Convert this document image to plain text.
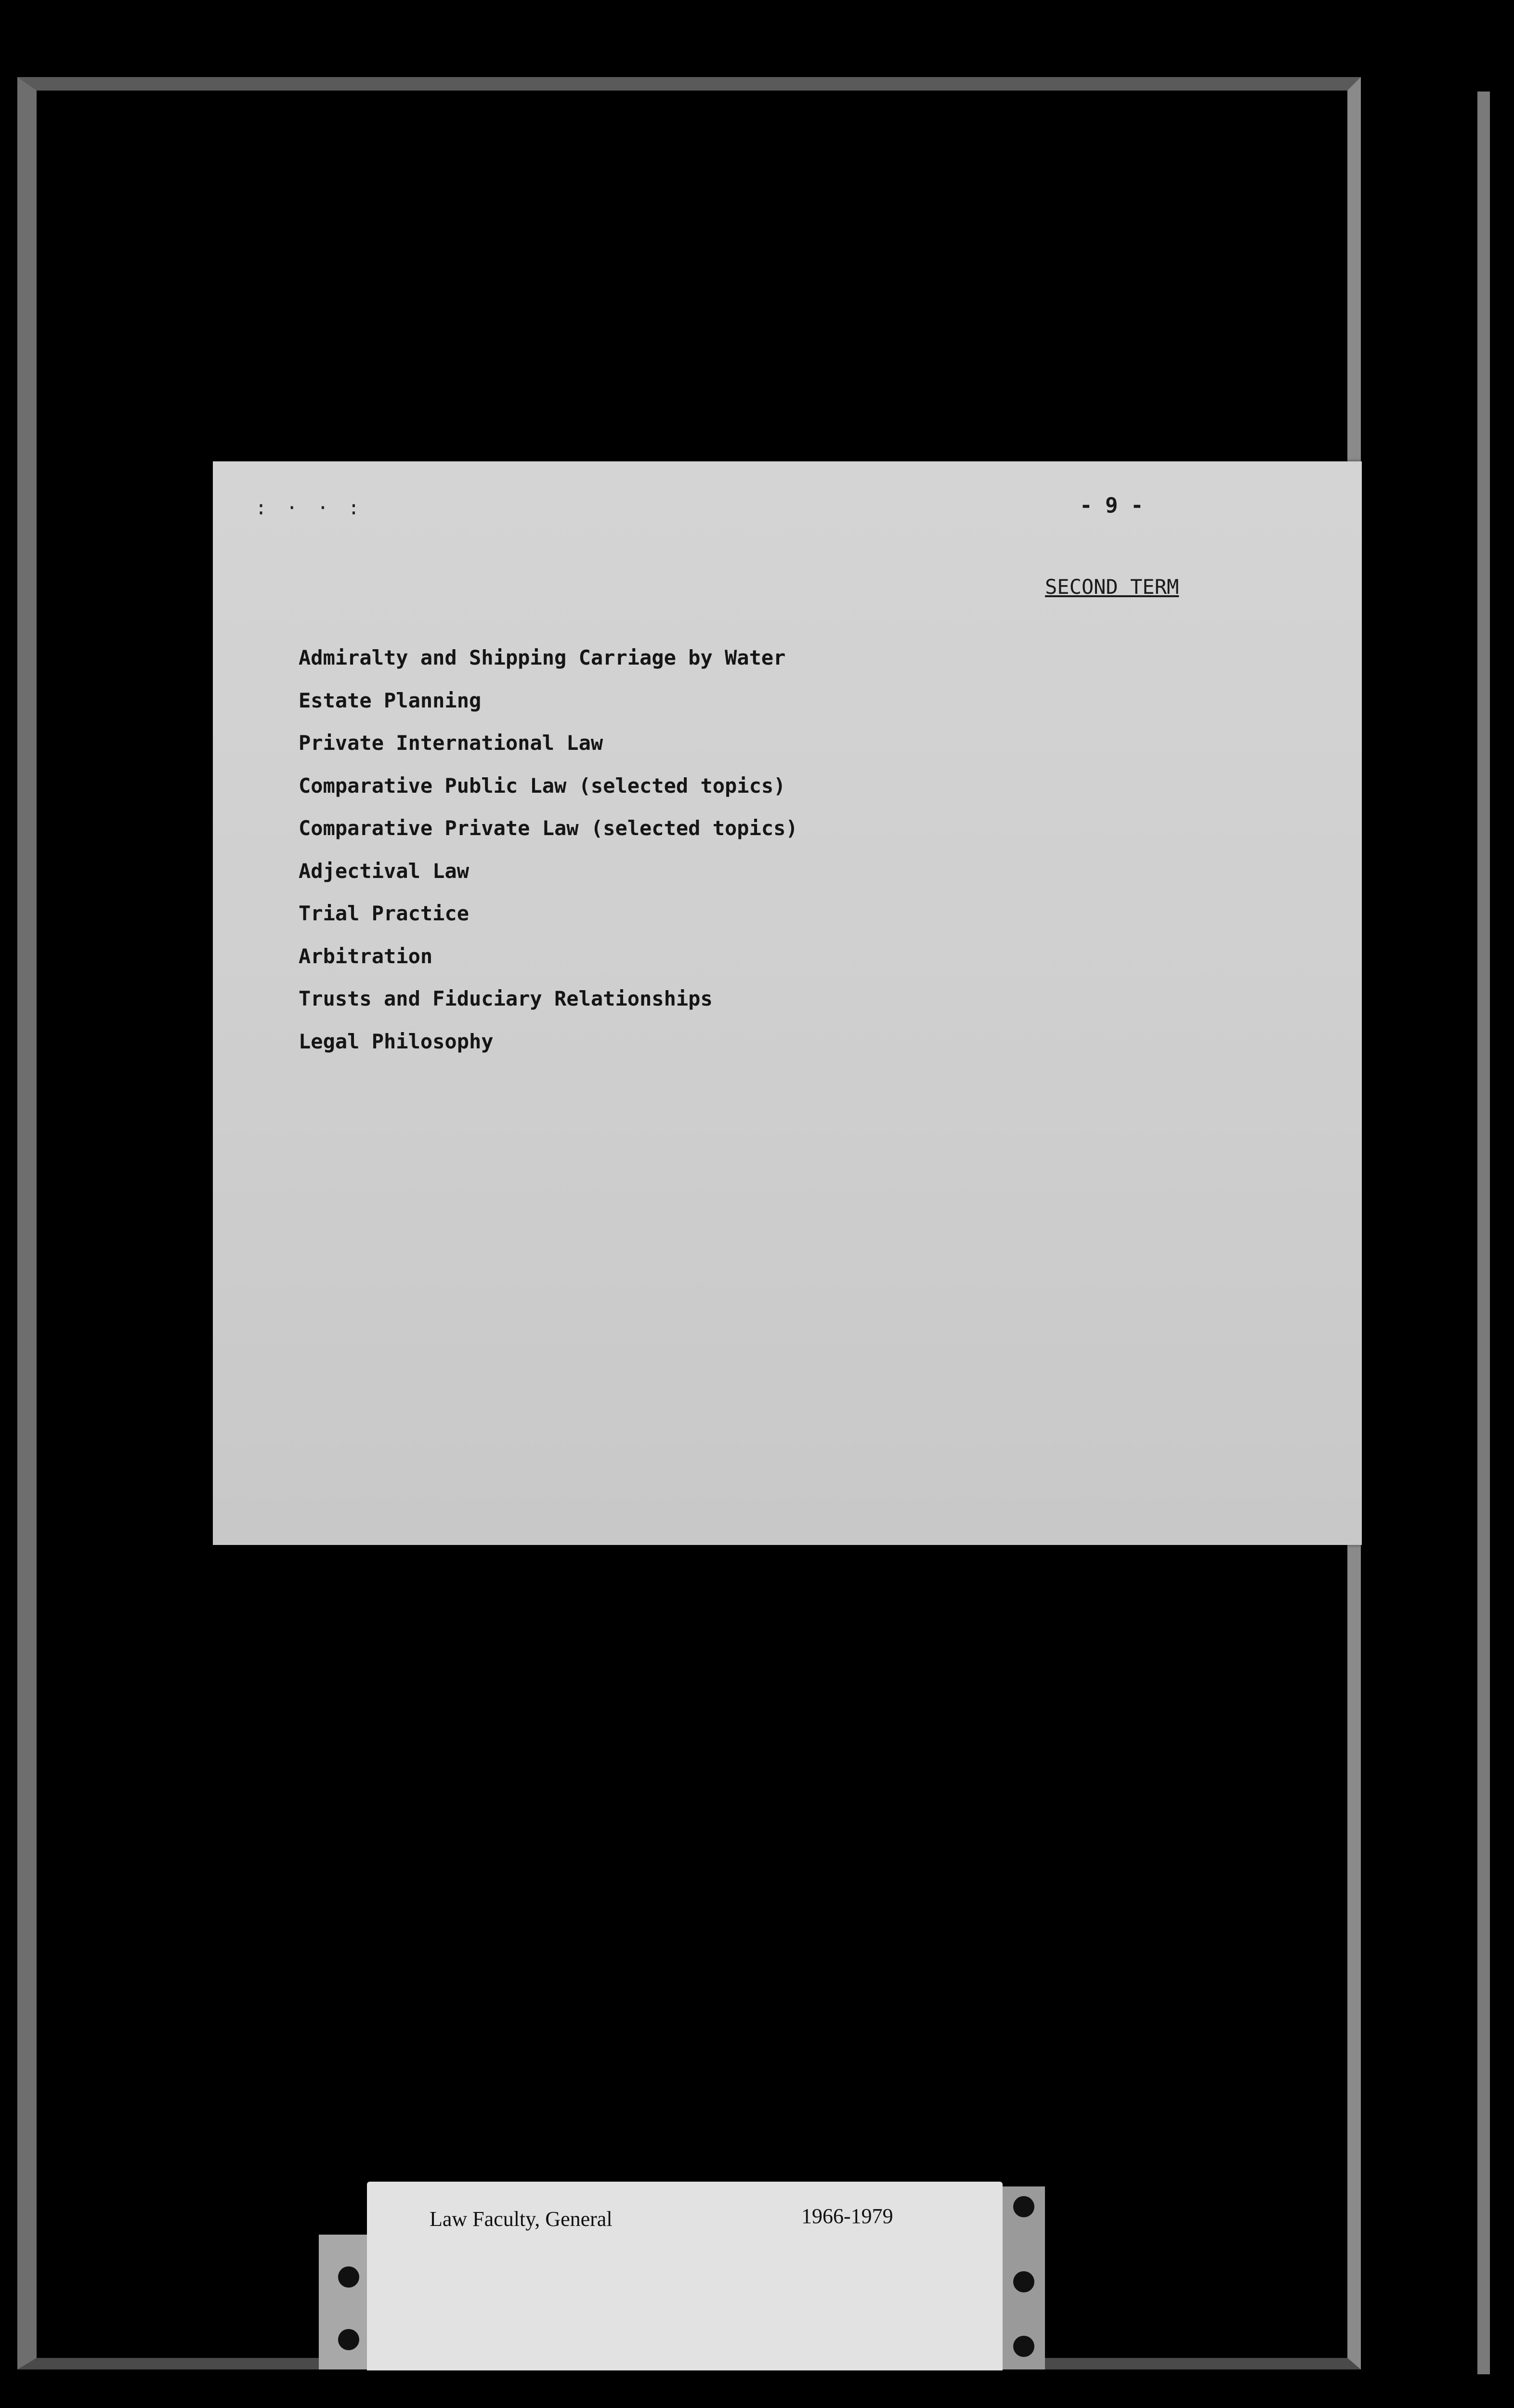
: · · :	- 9 -
SECOND TERM
Admiralty and Shipping Carriage by Water
Estate Planning
Private International Law
Comparative Public Law (selected topics)
Comparative Private Law (selected topics)
Adjectival Law
Trial Practice
Arbitration
Trusts and Fiduciary Relationships
Legal Philosophy
Law Faculty, General	1966-1979
